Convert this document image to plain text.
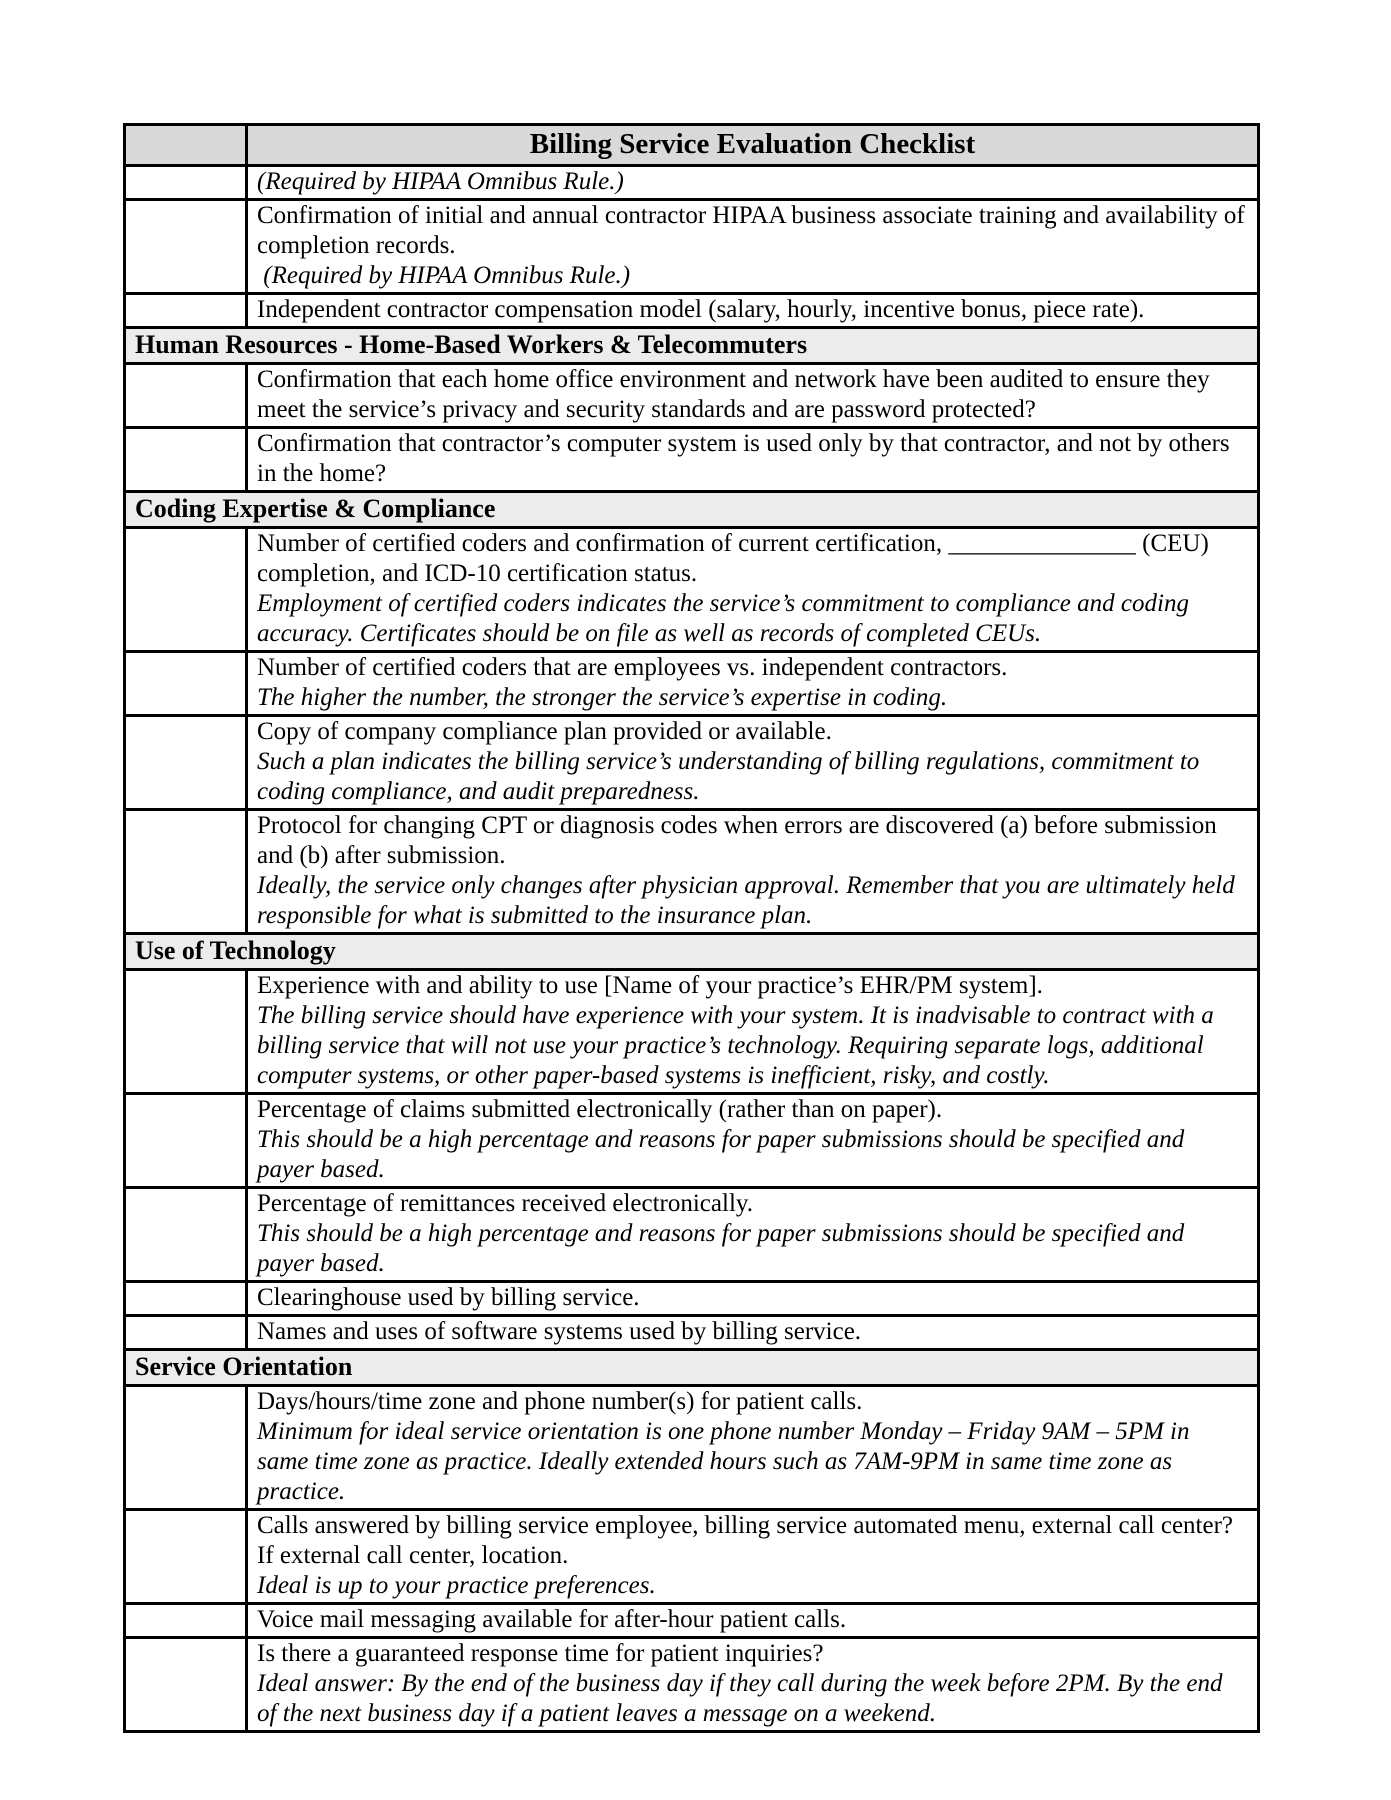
	Billing Service Evaluation Checklist

	(Required by HIPAA Omnibus Rule.)

	Confirmation of initial and annual contractor HIPAA business associate training and availability of completion records.
(Required by HIPAA Omnibus Rule.)

	Independent contractor compensation model (salary, hourly, incentive bonus, piece rate).

Human Resources - Home-Based Workers & Telecommuters	

	Confirmation that each home office environment and network have been audited to ensure they meet the service’s privacy and security standards and are password protected?

	Confirmation that contractor’s computer system is used only by that contractor, and not by others in the home?

Coding Expertise & Compliance	

	Number of certified coders and confirmation of current certification, _______________ (CEU) completion, and ICD-10 certification status.
Employment of certified coders indicates the service’s commitment to compliance and coding accuracy. Certificates should be on file as well as records of completed CEUs.

	Number of certified coders that are employees vs. independent contractors.
The higher the number, the stronger the service’s expertise in coding.

	Copy of company compliance plan provided or available.
Such a plan indicates the billing service’s understanding of billing regulations, commitment to coding compliance, and audit preparedness.

	Protocol for changing CPT or diagnosis codes when errors are discovered (a) before submission and (b) after submission.
Ideally, the service only changes after physician approval. Remember that you are ultimately held responsible for what is submitted to the insurance plan.

Use of Technology	

	Experience with and ability to use [Name of your practice’s EHR/PM system].
The billing service should have experience with your system. It is inadvisable to contract with a billing service that will not use your practice’s technology. Requiring separate logs, additional computer systems, or other paper-based systems is inefficient, risky, and costly.

	Percentage of claims submitted electronically (rather than on paper).
This should be a high percentage and reasons for paper submissions should be specified and payer based.

	Percentage of remittances received electronically.
This should be a high percentage and reasons for paper submissions should be specified and payer based.

	Clearinghouse used by billing service.

	Names and uses of software systems used by billing service.

Service Orientation	

	Days/hours/time zone and phone number(s) for patient calls.
Minimum for ideal service orientation is one phone number Monday – Friday 9AM – 5PM in same time zone as practice. Ideally extended hours such as 7AM-9PM in same time zone as practice.

	Calls answered by billing service employee, billing service automated menu, external call center? If external call center, location.
Ideal is up to your practice preferences.

	Voice mail messaging available for after-hour patient calls.

	Is there a guaranteed response time for patient inquiries?
Ideal answer: By the end of the business day if they call during the week before 2PM. By the end of the next business day if a patient leaves a message on a weekend.
